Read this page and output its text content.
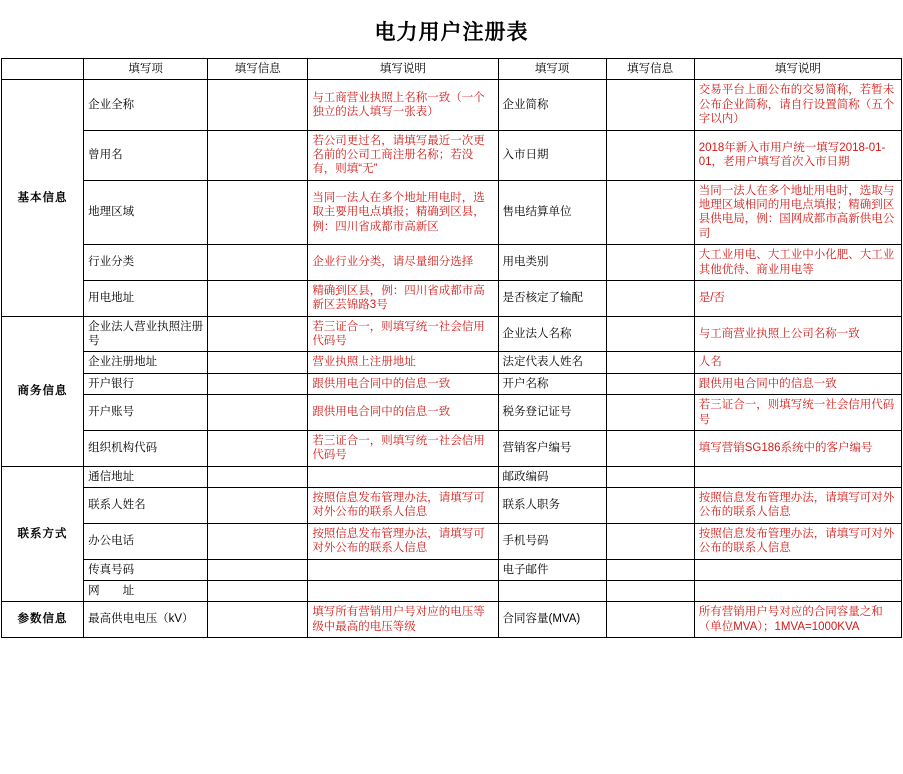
电力用户注册表
	填写项	填写信息	填写说明	填写项	填写信息	填写说明
基本信息	企业全称		与工商营业执照上名称一致（一个独立的法人填写一张表）	企业简称		交易平台上面公布的交易简称，若暂未公布企业简称，请自行设置简称（五个字以内）
	曾用名		若公司更过名，请填写最近一次更名前的公司工商注册名称；若没有，则填“无”	入市日期		2018年新入市用户统一填写2018-01-01，老用户填写首次入市日期
	地理区域		当同一法人在多个地址用电时，选取主要用电点填报；精确到区县，例：四川省成都市高新区	售电结算单位		当同一法人在多个地址用电时，选取与地理区域相同的用电点填报；精确到区县供电局，例：国网成都市高新供电公司
	行业分类		企业行业分类，请尽量细分选择	用电类别		大工业用电、大工业中小化肥、大工业其他优待、商业用电等
	用电地址		精确到区县，例：四川省成都市高新区芸锦路3号	是否核定了输配		是/否
商务信息	企业法人营业执照注册号		若三证合一，则填写统一社会信用代码号	企业法人名称		与工商营业执照上公司名称一致
	企业注册地址		营业执照上注册地址	法定代表人姓名		人名
	开户银行		跟供用电合同中的信息一致	开户名称		跟供用电合同中的信息一致
	开户账号		跟供用电合同中的信息一致	税务登记证号		若三证合一，则填写统一社会信用代码号
	组织机构代码		若三证合一，则填写统一社会信用代码号	营销客户编号		填写营销SG186系统中的客户编号
联系方式	通信地址			邮政编码		
	联系人姓名		按照信息发布管理办法，请填写可对外公布的联系人信息	联系人职务		按照信息发布管理办法，请填写可对外公布的联系人信息
	办公电话		按照信息发布管理办法，请填写可对外公布的联系人信息	手机号码		按照信息发布管理办法，请填写可对外公布的联系人信息
	传真号码			电子邮件		
	网　　址					
参数信息	最高供电电压（kV）		填写所有营销用户号对应的电压等级中最高的电压等级	合同容量(MVA)		所有营销用户号对应的合同容量之和（单位MVA）；1MVA=1000KVA
